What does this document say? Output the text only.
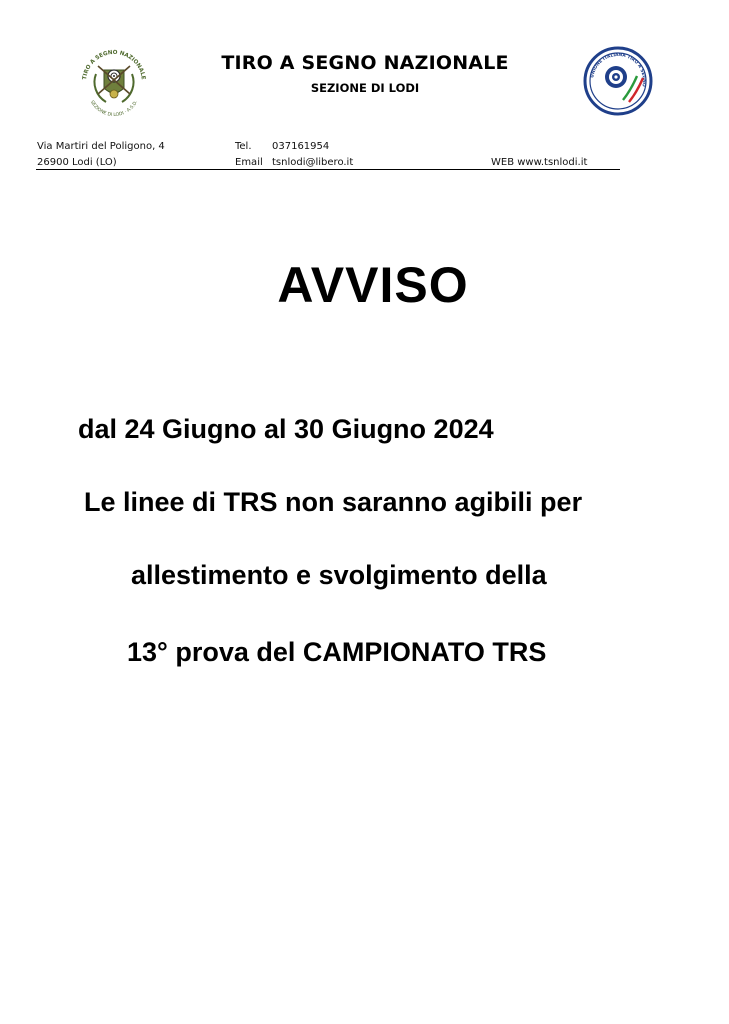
TIRO A SEGNO NAZIONALE
SEZIONE DI LODI · A.S.D.
TIRO A SEGNO NAZIONALE
SEZIONE DI LODI
UNIONE ITALIANA TIRO A SEGNO
Via Martiri del Poligono, 4
26900 Lodi (LO)
Tel. 037161954
Email tsnlodi@libero.it	WEB www.tsnlodi.it
AVVISO
dal 24 Giugno al 30 Giugno 2024
Le linee di TRS non saranno agibili per
allestimento e svolgimento della
13° prova del CAMPIONATO TRS
